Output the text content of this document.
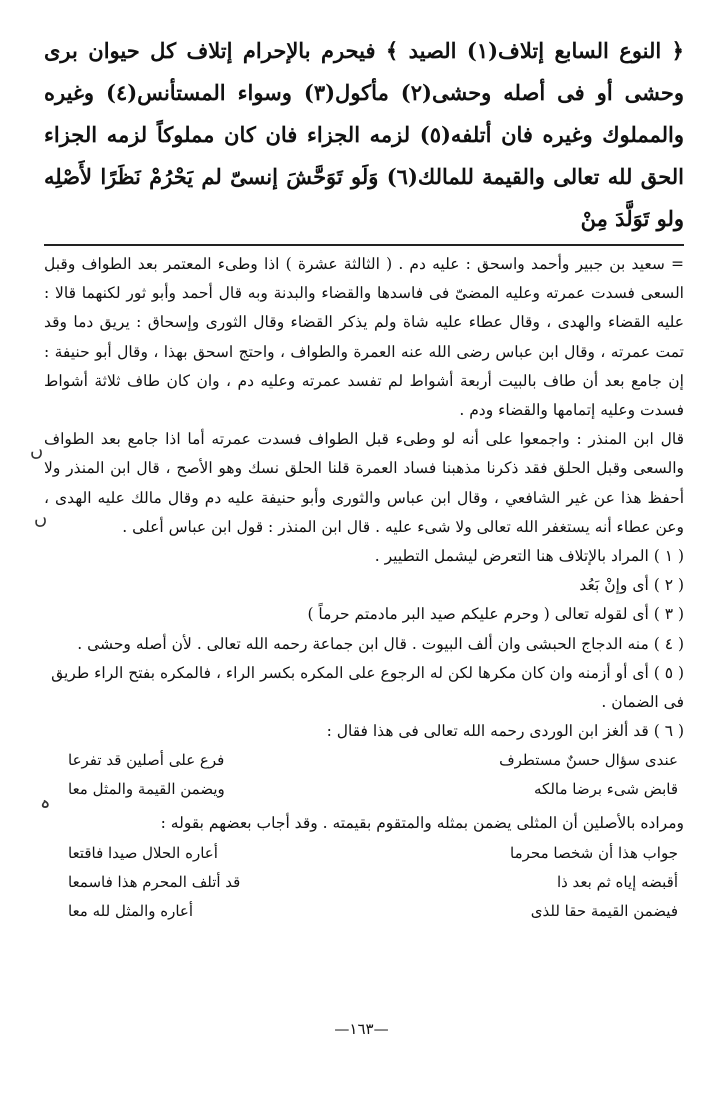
﴿ النوع السابع إتلاف(١) الصيد ﴾ فيحرم بالإحرام إتلاف كل حيوان برى وحشى أو فى أصله وحشى(٢) مأكول(٣) وسواء المستأنس(٤) وغيره والمملوك وغيره فان أتلفه(٥) لزمه الجزاء فان كان مملوكاً لزمه الجزاء الحق لله تعالى والقيمة للمالك(٦) وَلَو تَوَحَّشَ إنسىّ لم يَحْرُمْ نَظَرًا لأَصْلِه ولو تَوَلَّدَ مِنْ

= سعيد بن جبير وأحمد واسحق : عليه دم . ( الثالثة عشرة ) اذا وطىء المعتمر بعد الطواف وقبل السعى فسدت عمرته وعليه المضىّ فى فاسدها والقضاء والبدنة وبه قال أحمد وأبو ثور لكنهما قالا : عليه القضاء والهدى ، وقال عطاء عليه شاة ولم يذكر القضاء وقال الثورى وإسحاق : يريق دما وقد تمت عمرته ، وقال ابن عباس رضى الله عنه العمرة والطواف ، واحتج اسحق بهذا ، وقال أبو حنيفة : إن جامع بعد أن طاف بالبيت أربعة أشواط لم تفسد عمرته وعليه دم ، وان كان طاف ثلاثة أشواط فسدت وعليه إتمامها والقضاء ودم .

قال ابن المنذر : واجمعوا على أنه لو وطىء قبل الطواف فسدت عمرته أما اذا جامع بعد الطواف والسعى وقبل الحلق فقد ذكرنا مذهبنا فساد العمرة قلنا الحلق نسك وهو الأصح ، قال ابن المنذر ولا أحفظ هذا عن غير الشافعي ، وقال ابن عباس والثورى وأبو حنيفة عليه دم وقال مالك عليه الهدى ، وعن عطاء أنه يستغفر الله تعالى ولا شىء عليه . قال ابن المنذر : قول ابن عباس أعلى .

( ١ ) المراد بالإتلاف هنا التعرض ليشمل التطيير .

( ٢ ) أى وإنْ بَعُد

( ٣ ) أى لقوله تعالى ( وحرم عليكم صيد البر مادمتم حرماً )

( ٤ ) منه الدجاج الحبشى وان ألف البيوت . قال ابن جماعة رحمه الله تعالى . لأن أصله وحشى .

( ٥ ) أى أو أزمنه وان كان مكرها لكن له الرجوع على المكره بكسر الراء ، فالمكره بفتح الراء طريق فى الضمان .

( ٦ ) قد ألغز ابن الوردى رحمه الله تعالى فى هذا فقال :

عندى سؤال حسنٌ مستطرف
فرع على أصلين قد تفرعا
قابض شىء برضا مالكه
ويضمن القيمة والمثل معا

ومراده بالأصلين أن المثلى يضمن بمثله والمتقوم بقيمته . وقد أجاب بعضهم بقوله :

جواب هذا أن شخصا محرما
أعاره الحلال صيدا فاقتعا
أقبضه إياه ثم بعد ذا
قد أتلف المحرم هذا فاسمعا
فيضمن القيمة حقا للذى
أعاره والمثل لله معا
—١٦٣—
ں
ں
ہ
